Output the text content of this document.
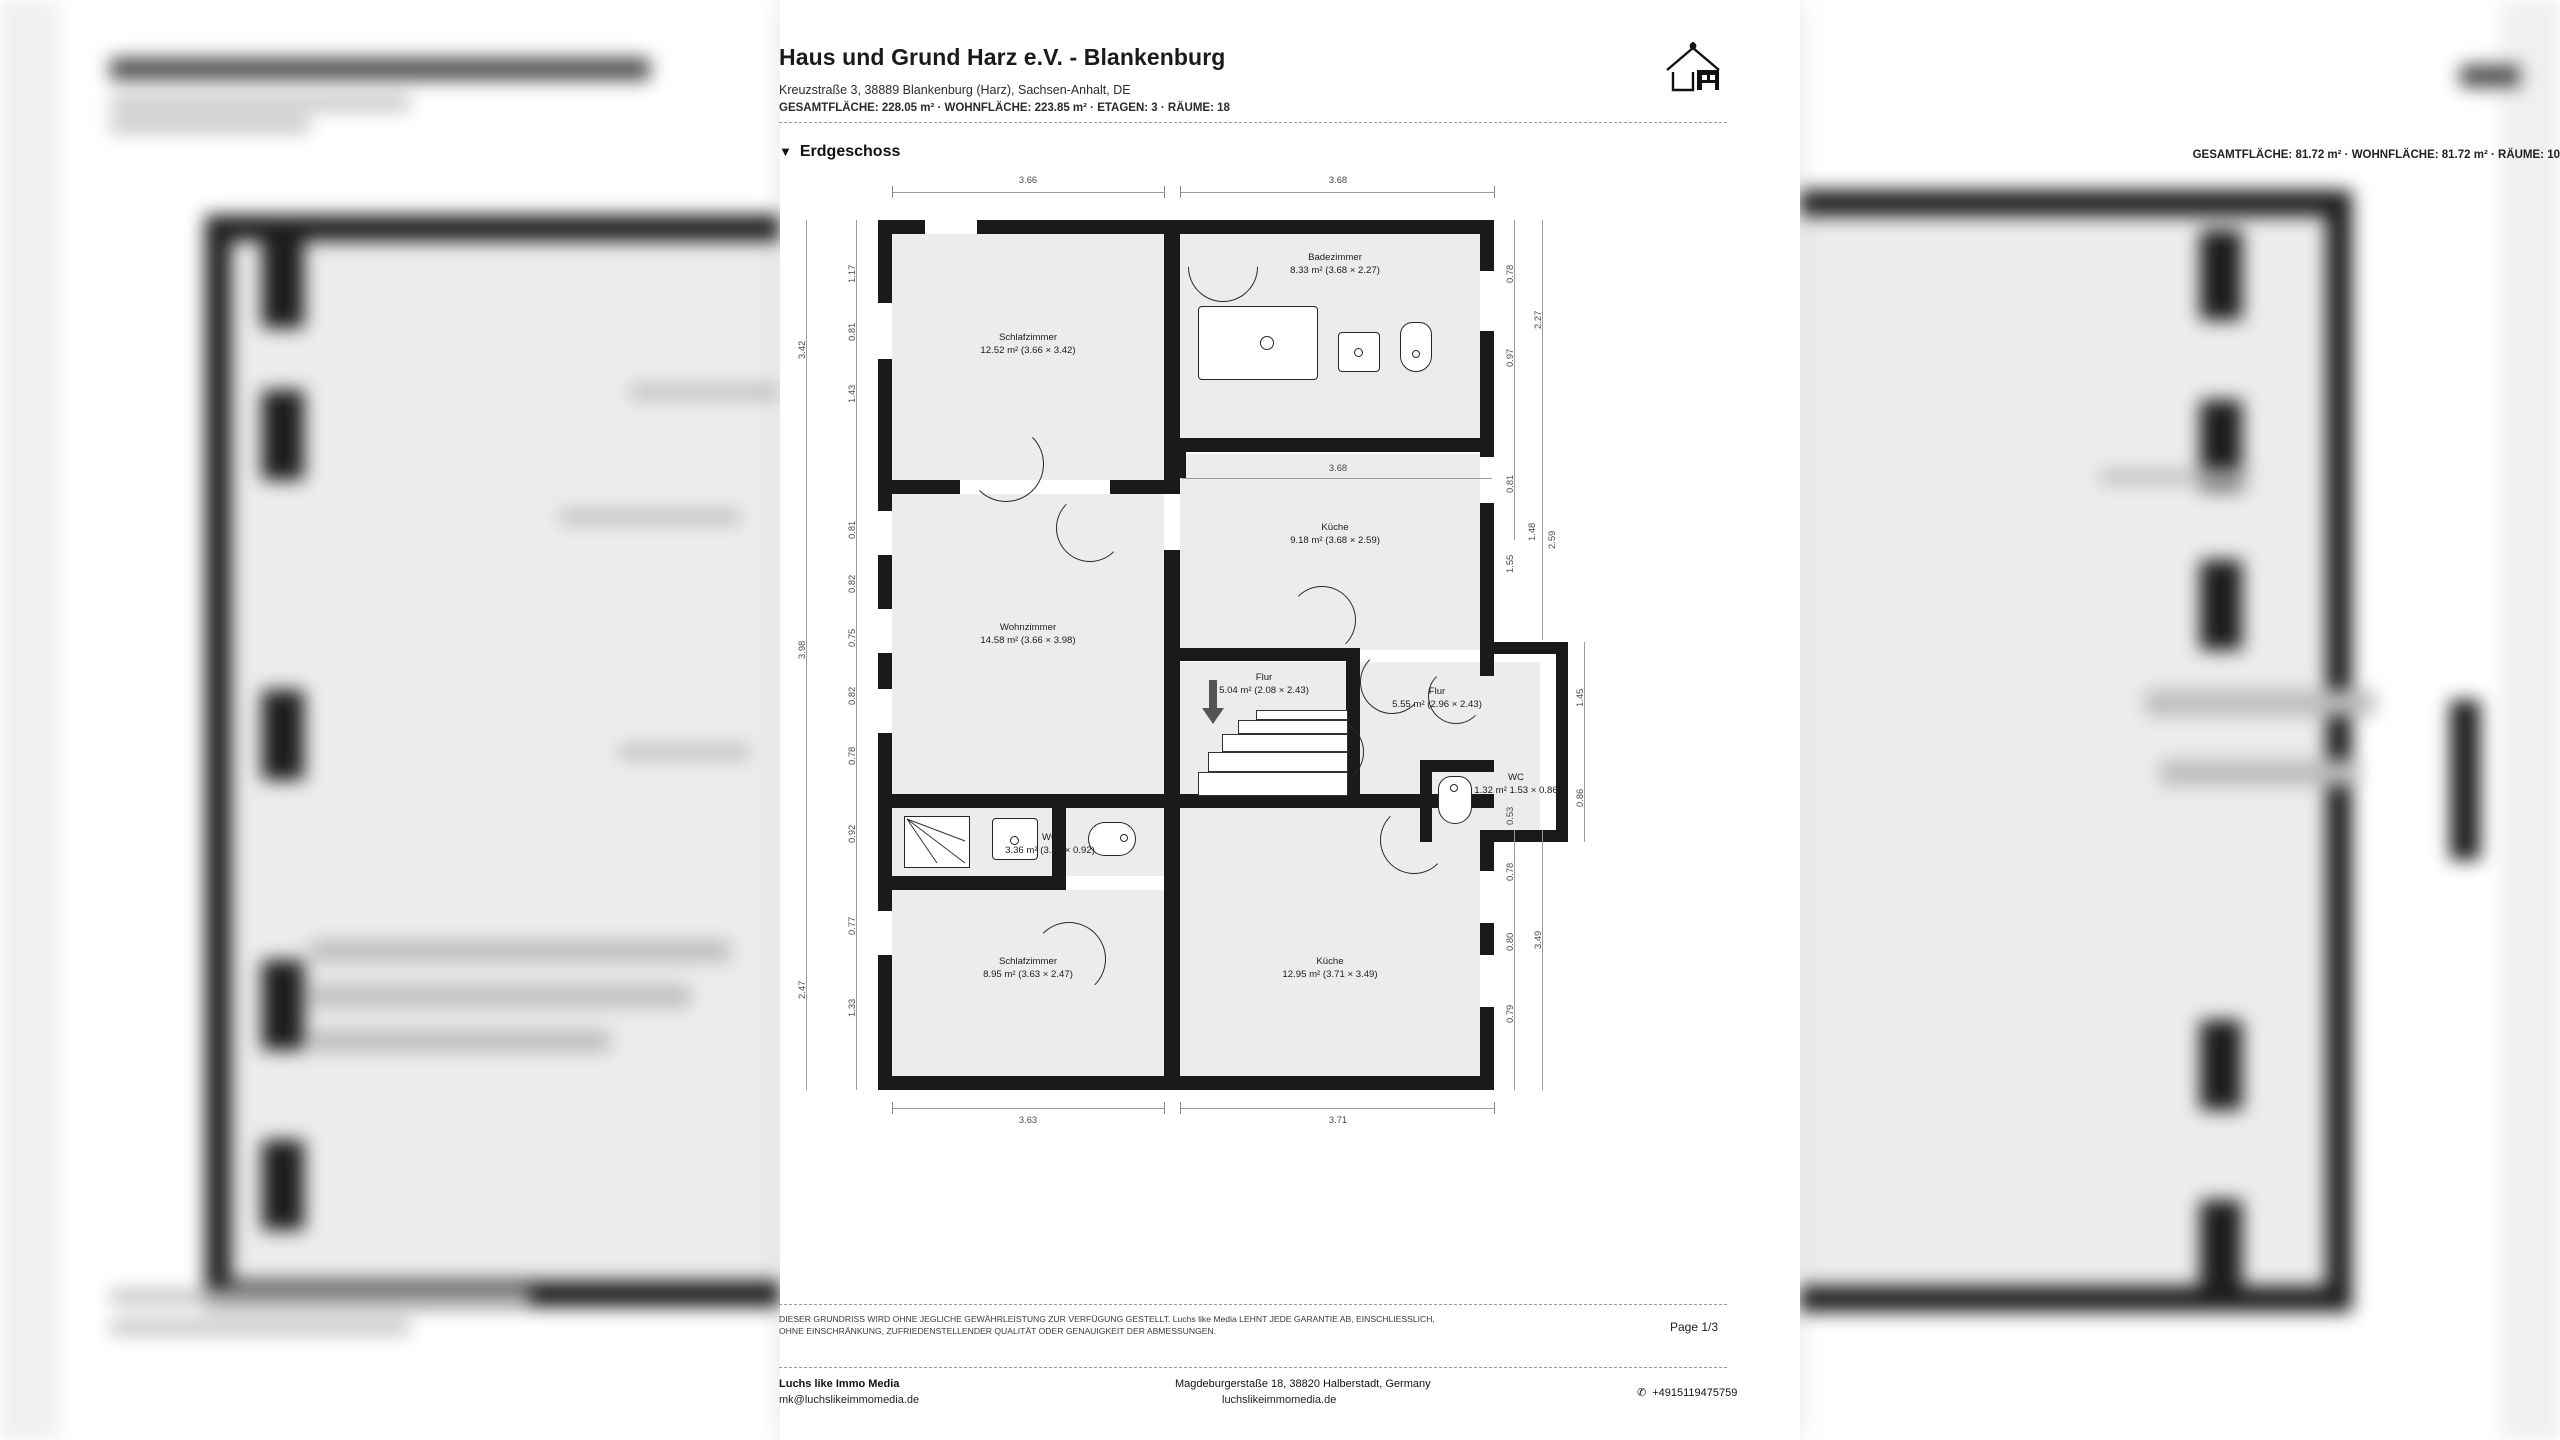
Haus und Grund Harz e.V. - Blankenburg
Kreuzstraße 3, 38889 Blankenburg (Harz), Sachsen-Anhalt, DE
GESAMTFLÄCHE: 228.05 m² · WOHNFLÄCHE: 223.85 m² · ETAGEN: 3 · RÄUME: 18
▼ Erdgeschoss	GESAMTFLÄCHE: 81.72 m² · WOHNFLÄCHE: 81.72 m² · RÄUME: 10
Schlafzimmer
12.52 m² (3.66 × 3.42)
Badezimmer
8.33 m² (3.68 × 2.27)
Küche
9.18 m² (3.68 × 2.59)
Wohnzimmer
14.58 m² (3.66 × 3.98)
Flur
5.04 m² (2.08 × 2.43)	Flur
5.55 m² (2.96 × 2.43)
WC
1.32 m² 1.53 × 0.86
WC
3.36 m² (3.65 × 0.92)
Schlafzimmer
8.95 m² (3.63 × 2.47)
Küche
12.95 m² (3.71 × 3.49)
3.66	3.68
3.63	3.71
3.68
3.42
3.98
2.47
1.17
0.81
1.43
0.81
0.82
0.75
0.82
0.78
0.92
0.77
1.33
0.78
0.97
0.81
1.48
1.55
0.53
0.78
0.80
0.79
2.27
2.59
1.45
0.86
3.49
DIESER GRUNDRISS WIRD OHNE JEGLICHE GEWÄHRLEISTUNG ZUR VERFÜGUNG GESTELLT. Luchs like Media LEHNT JEDE GARANTIE AB, EINSCHLIESSLICH, OHNE EINSCHRÄNKUNG, ZUFRIEDENSTELLENDER QUALITÄT ODER GENAUIGKEIT DER ABMESSUNGEN.	Page 1/3
Luchs like Immo Media
mk@luchslikeimmomedia.de
Magdeburgerstaße 18, 38820 Halberstadt, Germany
luchslikeimmomedia.de
✆ +4915119475759
